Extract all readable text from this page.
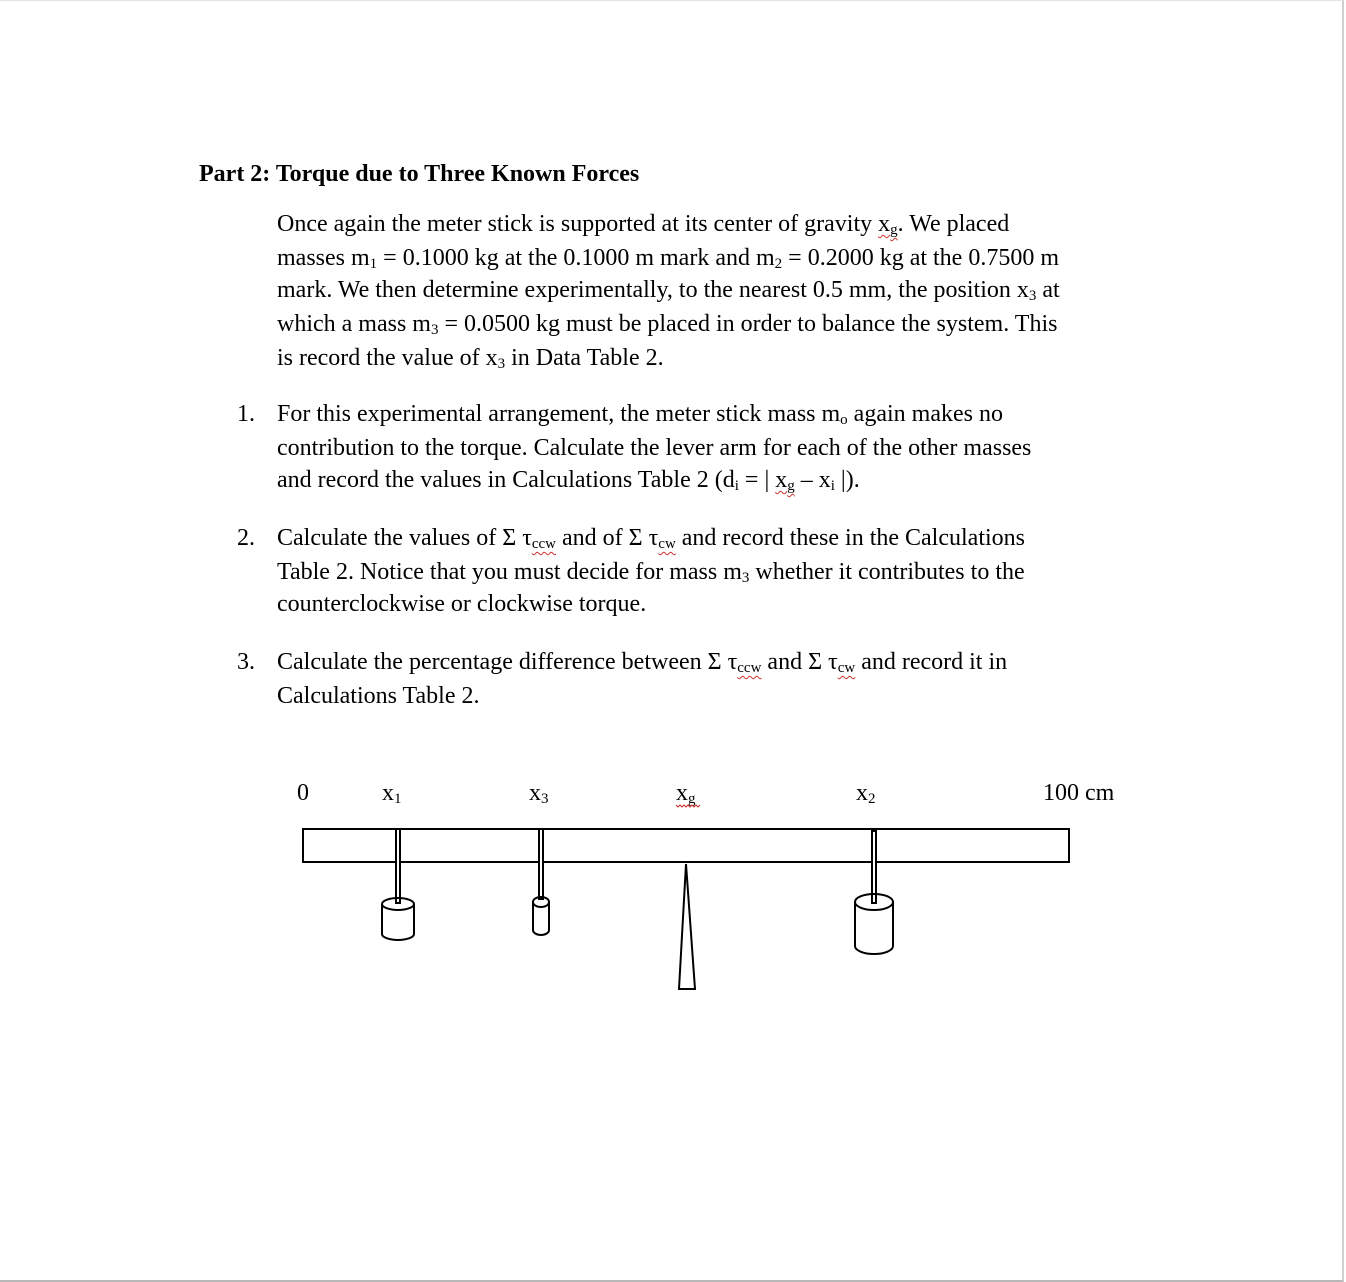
Part 2: Torque due to Three Known Forces
Once again the meter stick is supported at its center of gravity $x_g$. We placed
masses $m_1 = 0.1000$ kg at the 0.1000 m mark and $m_2 = 0.2000$ kg at the 0.7500 m
mark. We then determine experimentally, to the nearest 0.5 mm, the position $x_3$ at
which a mass $m_3 = 0.0500$ kg must be placed in order to balance the system. This
is record the value of $x_3$ in Data Table 2.
1. For this experimental arrangement, the meter stick mass $m_o$ again makes no
contribution to the torque. Calculate the lever arm for each of the other masses
and record the values in Calculations Table 2 ($d_i$ = | $x_g - x_i$ |).
2. Calculate the values of Σ $\tau_{ccw}$ and of Σ $\tau_{cw}$ and record these in the Calculations
Table 2. Notice that you must decide for mass $m_3$ whether it contributes to the
counterclockwise or clockwise torque.
3. Calculate the percentage difference between Σ $\tau_{ccw}$ and Σ $\tau_{cw}$ and record it in
Calculations Table 2.
0	x1	x3	xg	x2	100 cm
